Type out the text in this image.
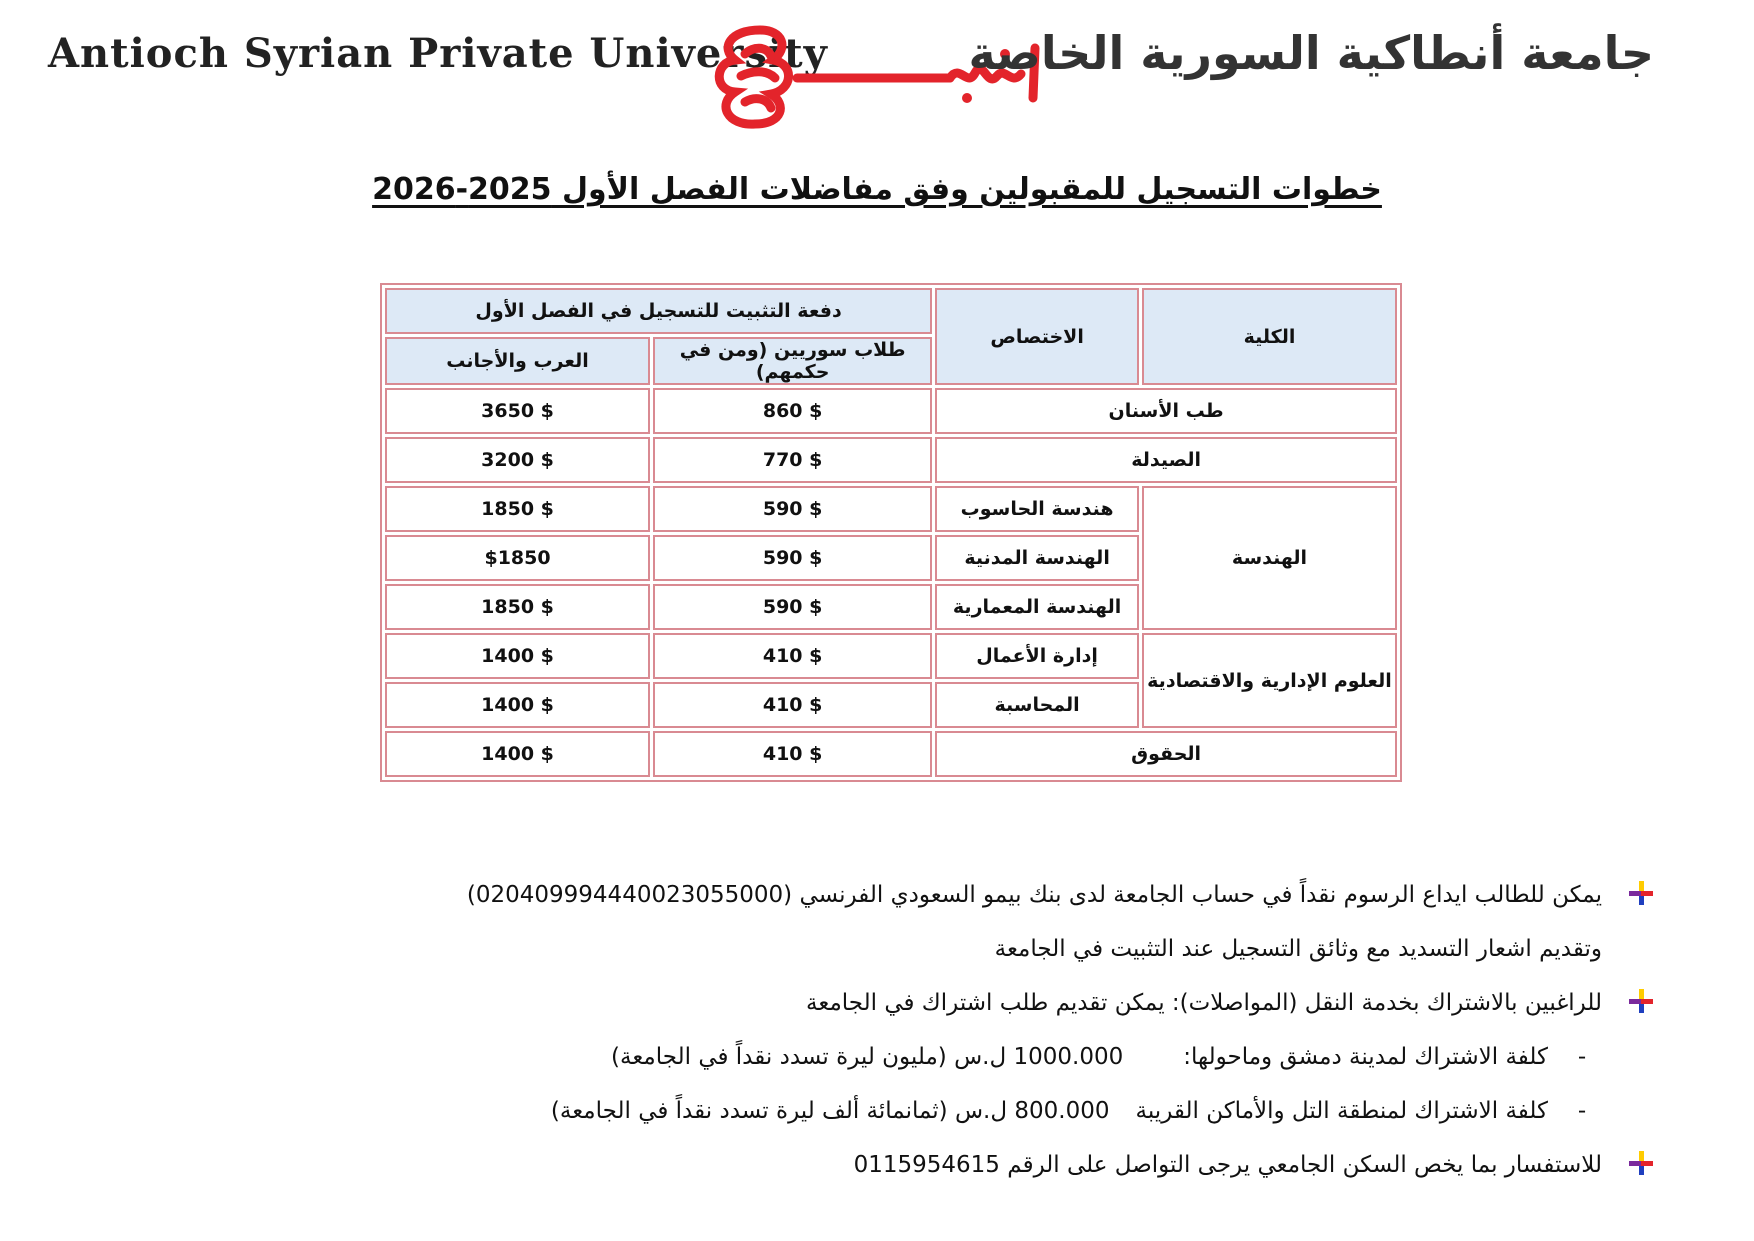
Antioch Syrian Private University	جامعة أنطاكية السورية الخاصة
خطوات التسجيل للمقبولين وفق مفاضلات الفصل الأول 2025-2026
الكلية	الاختصاص	دفعة التثبيت للتسجيل في الفصل الأول	
		طلاب سوريين (ومن في حكمهم)	العرب والأجانب
طب الأسنان		$ 860	$ 3650
الصيدلة		$ 770	$ 3200
الهندسة	هندسة الحاسوب	$ 590	$ 1850
	الهندسة المدنية	$ 590	$1850
	الهندسة المعمارية	$ 590	$ 1850
العلوم الإدارية والاقتصادية	إدارة الأعمال	$ 410	$ 1400
	المحاسبة	$ 410	$ 1400
الحقوق		$ 410	$ 1400
يمكن للطالب ايداع الرسوم نقداً في حساب الجامعة لدى بنك بيمو السعودي الفرنسي (020409994440023055000)
وتقديم اشعار التسديد مع وثائق التسجيل عند التثبيت في الجامعة
للراغبين بالاشتراك بخدمة النقل (المواصلات): يمكن تقديم طلب اشتراك في الجامعة
-كلفة الاشتراك لمدينة دمشق وماحولها:1000.000 ل.س (مليون ليرة تسدد نقداً في الجامعة)
-كلفة الاشتراك لمنطقة التل والأماكن القريبة800.000 ل.س (ثمانمائة ألف ليرة تسدد نقداً في الجامعة)
للاستفسار بما يخص السكن الجامعي يرجى التواصل على الرقم 0115954615
